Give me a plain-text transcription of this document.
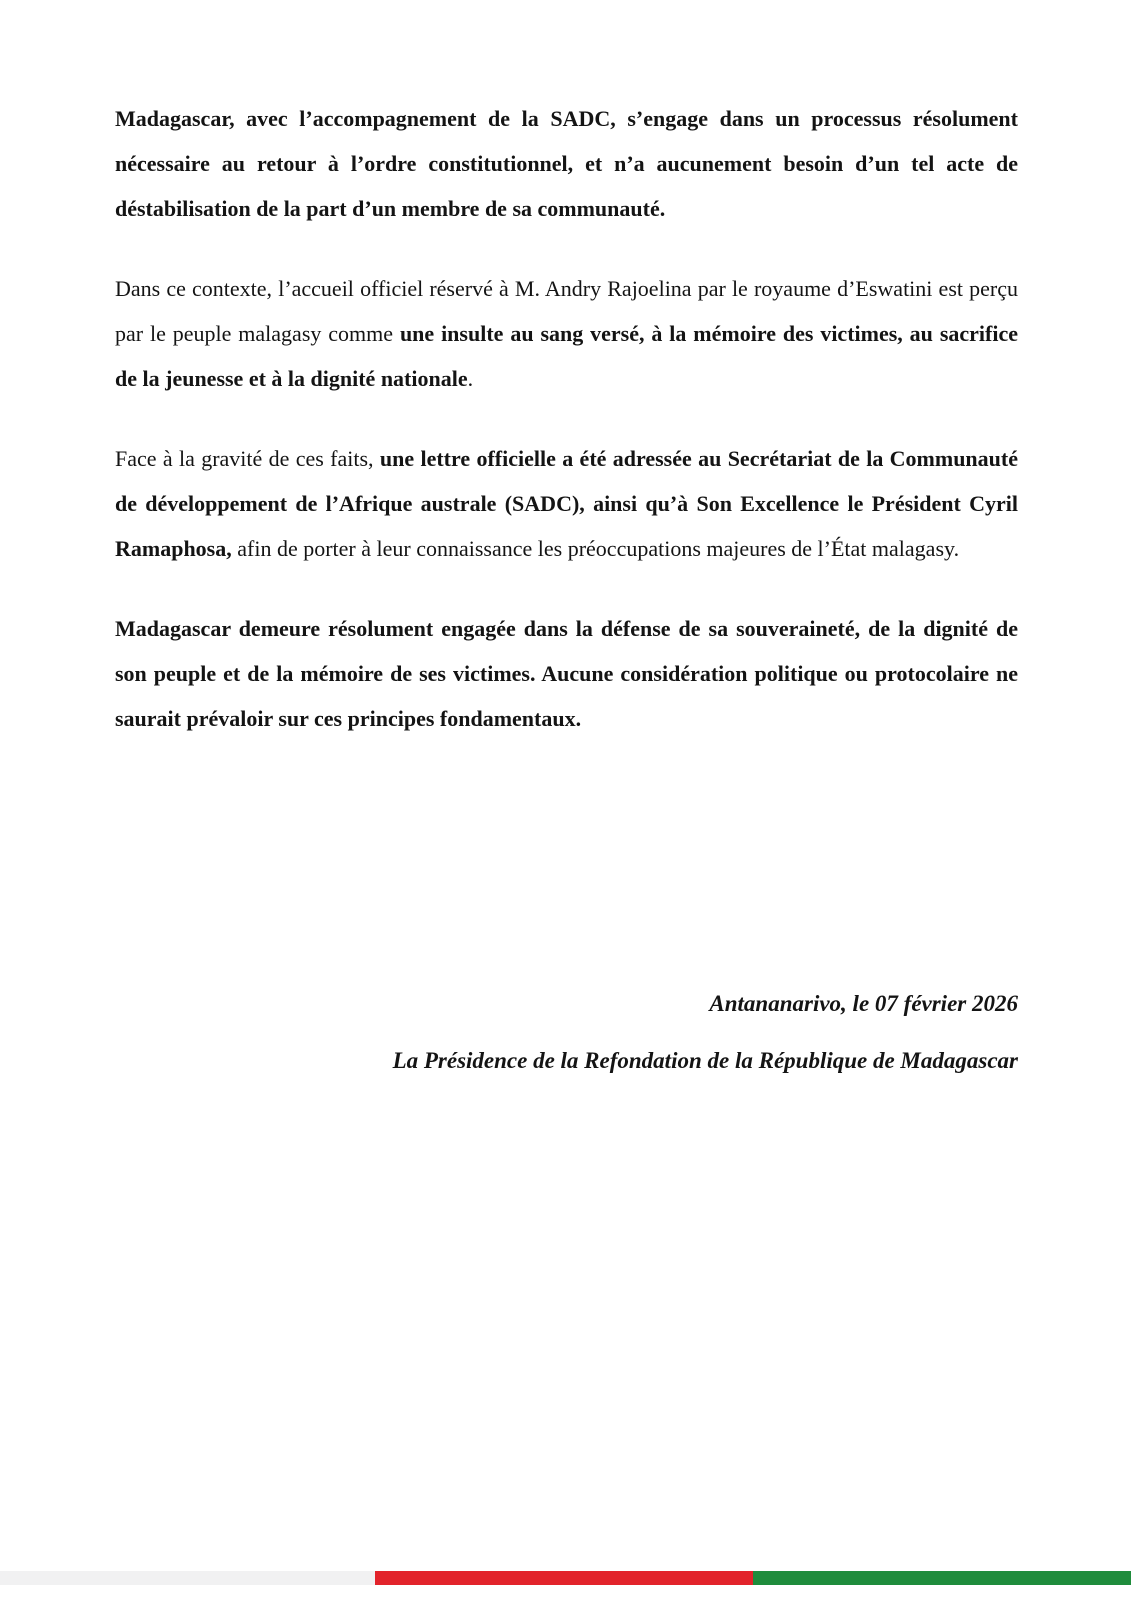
Madagascar, avec l’accompagnement de la SADC, s’engage dans un processus résolument nécessaire au retour à l’ordre constitutionnel, et n’a aucunement besoin d’un tel acte de déstabilisation de la part d’un membre de sa communauté.

Dans ce contexte, l’accueil officiel réservé à M. Andry Rajoelina par le royaume d’Eswatini est perçu par le peuple malagasy comme une insulte au sang versé, à la mémoire des victimes, au sacrifice de la jeunesse et à la dignité nationale.

Face à la gravité de ces faits, une lettre officielle a été adressée au Secrétariat de la Communauté de développement de l’Afrique australe (SADC), ainsi qu’à Son Excellence le Président Cyril Ramaphosa, afin de porter à leur connaissance les préoccupations majeures de l’État malagasy.

Madagascar demeure résolument engagée dans la défense de sa souveraineté, de la dignité de son peuple et de la mémoire de ses victimes. Aucune considération politique ou protocolaire ne saurait prévaloir sur ces principes fondamentaux.

Antananarivo, le 07 février 2026

La Présidence de la Refondation de la République de Madagascar
